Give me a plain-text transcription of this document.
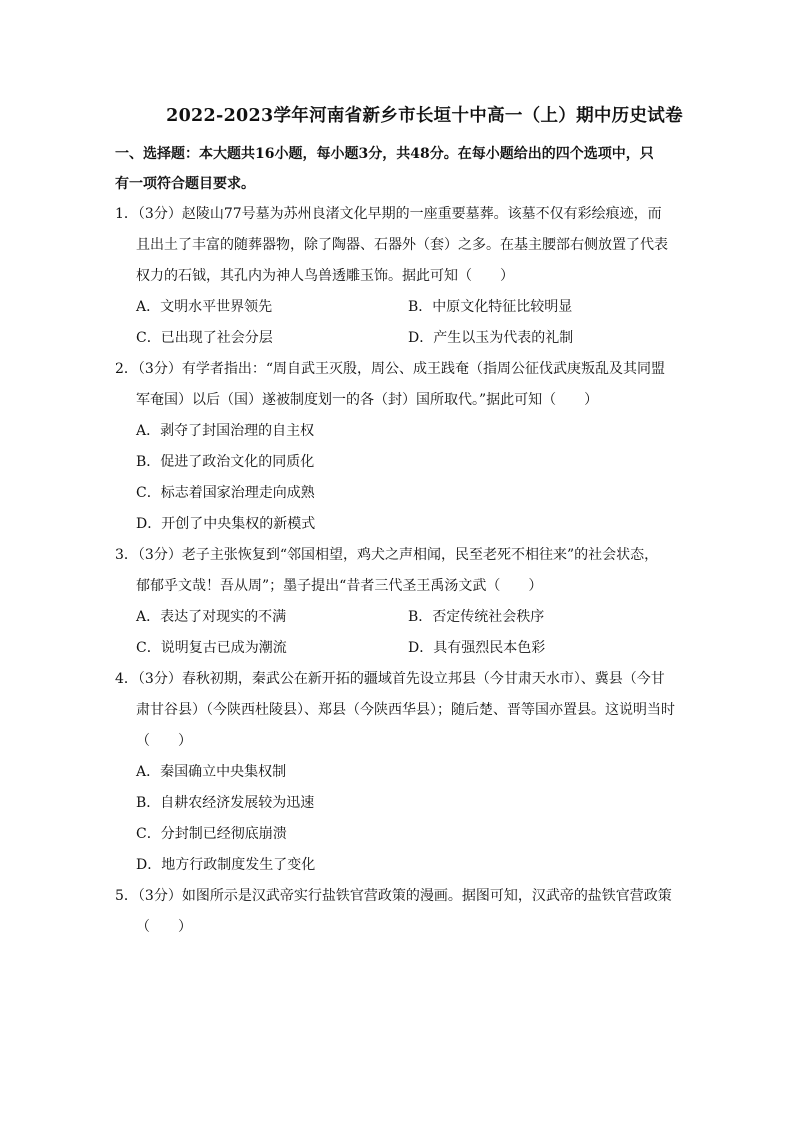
2022-2023学年河南省新乡市长垣十中高一（上）期中历史试卷

一、选择题：本大题共16小题，每小题3分，共48分。在每小题给出的四个选项中，只

有一项符合题目要求。

1．（3分）赵陵山77号墓为苏州良渚文化早期的一座重要墓葬。该墓不仅有彩绘痕迹，而
且出土了丰富的随葬器物，除了陶器、石器外（套）之多。在基主腰部右侧放置了代表
权力的石钺，其孔内为神人鸟兽透雕玉饰。据此可知（　　）
A．文明水平世界领先	B．中原文化特征比较明显
C．已出现了社会分层	D．产生以玉为代表的礼制
2．（3分）有学者指出：“周自武王灭殷，周公、成王践奄（指周公征伐武庚叛乱及其同盟
军奄国）以后（国）遂被制度划一的各（封）国所取代。”据此可知（　　）
A．剥夺了封国治理的自主权
B．促进了政治文化的同质化
C．标志着国家治理走向成熟
D．开创了中央集权的新模式
3．（3分）老子主张恢复到“邻国相望，鸡犬之声相闻，民至老死不相往来”的社会状态，
郁郁乎文哉！吾从周”；墨子提出“昔者三代圣王禹汤文武（　　）
A．表达了对现实的不满	B．否定传统社会秩序
C．说明复古已成为潮流	D．具有强烈民本色彩
4．（3分）春秋初期，秦武公在新开拓的疆域首先设立邦县（今甘肃天水市）、冀县（今甘
肃甘谷县）（今陕西杜陵县）、郑县（今陕西华县）；随后楚、晋等国亦置县。这说明当时
（　　）
A．秦国确立中央集权制
B．自耕农经济发展较为迅速
C．分封制已经彻底崩溃
D．地方行政制度发生了变化
5．（3分）如图所示是汉武帝实行盐铁官营政策的漫画。据图可知，汉武帝的盐铁官营政策
（　　）
